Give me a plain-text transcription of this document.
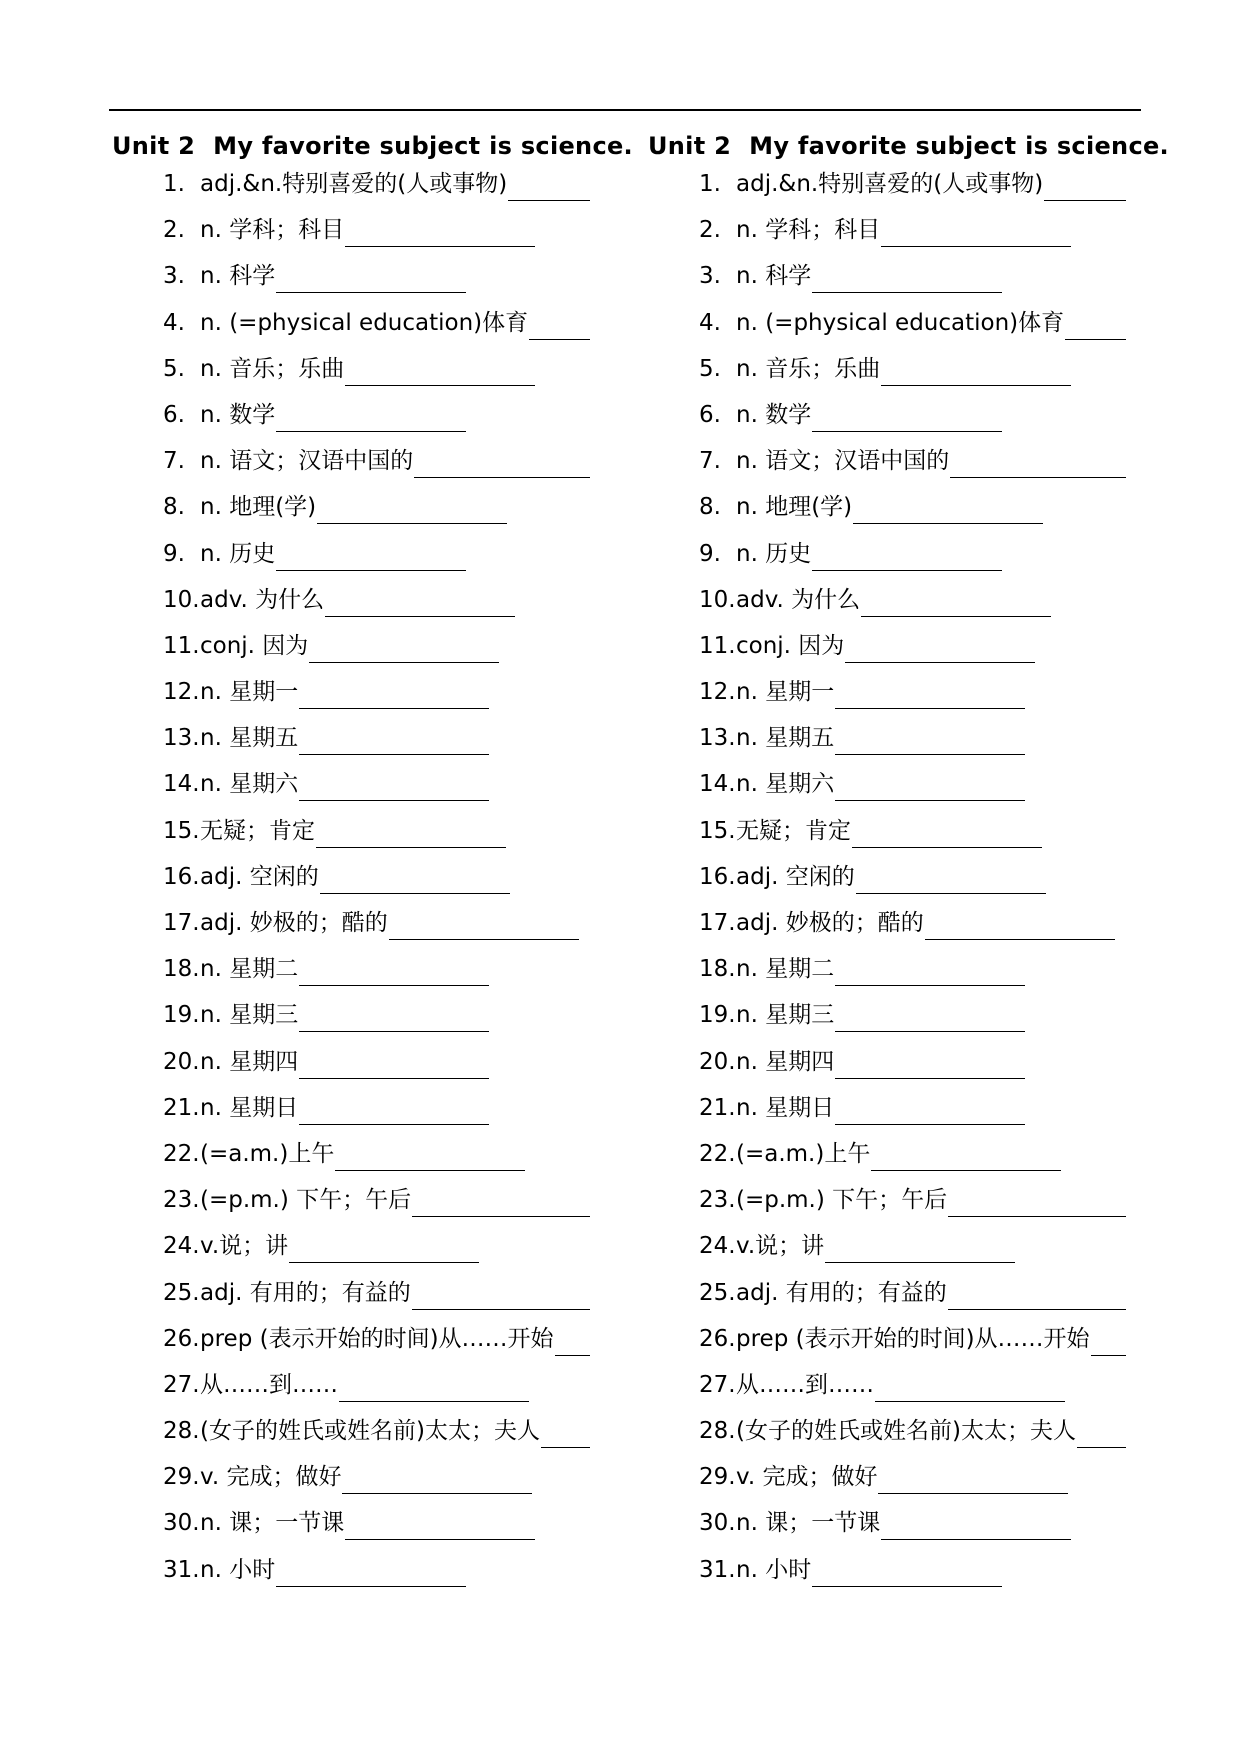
Unit 2 My favorite subject is science.
1. adj.&n.特别喜爱的(人或事物)
2. n. 学科；科目
3. n. 科学
4. n. (=physical education)体育
5. n. 音乐；乐曲
6. n. 数学
7. n. 语文；汉语中国的
8. n. 地理(学)
9. n. 历史
10. adv. 为什么
11. conj. 因为
12. n. 星期一
13. n. 星期五
14. n. 星期六
15. 无疑；肯定
16. adj. 空闲的
17. adj. 妙极的；酷的
18. n. 星期二
19. n. 星期三
20. n. 星期四
21. n. 星期日
22. (=a.m.)上午
23. (=p.m.) 下午；午后
24. v.说；讲
25. adj. 有用的；有益的
26. prep (表示开始的时间)从……开始
27. 从……到……
28. (女子的姓氏或姓名前)太太；夫人
29. v. 完成；做好
30. n. 课；一节课
31. n. 小时
Unit 2 My favorite subject is science.
1. adj.&n.特别喜爱的(人或事物)
2. n. 学科；科目
3. n. 科学
4. n. (=physical education)体育
5. n. 音乐；乐曲
6. n. 数学
7. n. 语文；汉语中国的
8. n. 地理(学)
9. n. 历史
10. adv. 为什么
11. conj. 因为
12. n. 星期一
13. n. 星期五
14. n. 星期六
15. 无疑；肯定
16. adj. 空闲的
17. adj. 妙极的；酷的
18. n. 星期二
19. n. 星期三
20. n. 星期四
21. n. 星期日
22. (=a.m.)上午
23. (=p.m.) 下午；午后
24. v.说；讲
25. adj. 有用的；有益的
26. prep (表示开始的时间)从……开始
27. 从……到……
28. (女子的姓氏或姓名前)太太；夫人
29. v. 完成；做好
30. n. 课；一节课
31. n. 小时
